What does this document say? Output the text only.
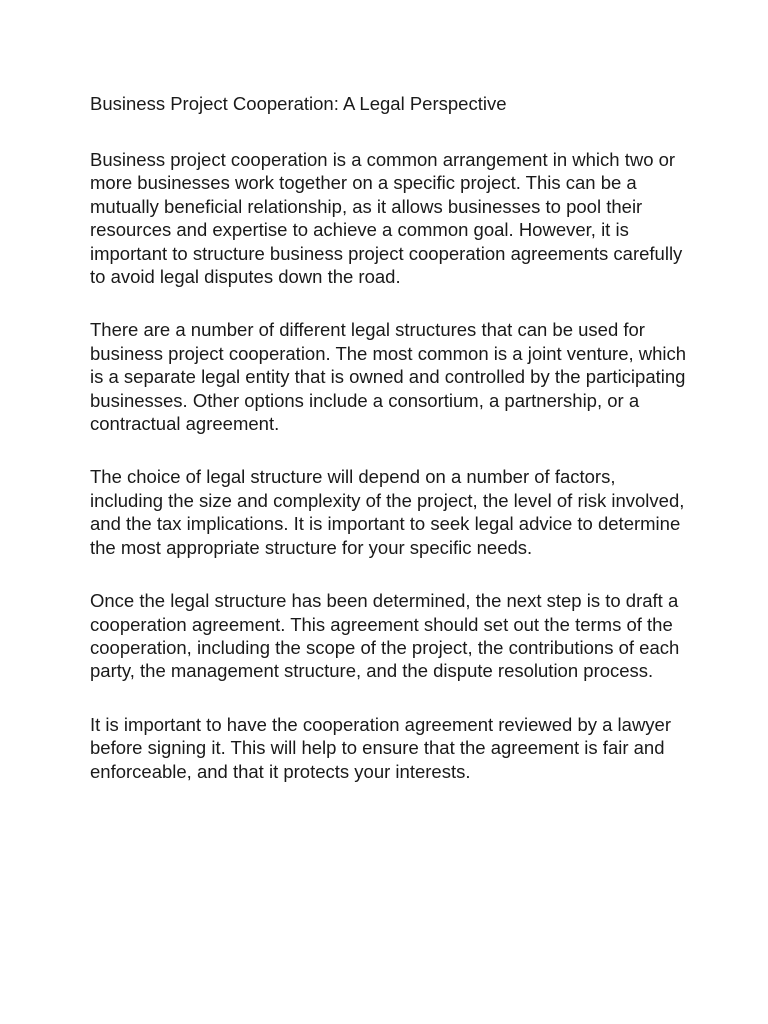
Business Project Cooperation: A Legal Perspective

Business project cooperation is a common arrangement in which two or more businesses work together on a specific project. This can be a mutually beneficial relationship, as it allows businesses to pool their resources and expertise to achieve a common goal. However, it is important to structure business project cooperation agreements carefully to avoid legal disputes down the road.

There are a number of different legal structures that can be used for business project cooperation. The most common is a joint venture, which is a separate legal entity that is owned and controlled by the participating businesses. Other options include a consortium, a partnership, or a contractual agreement.

The choice of legal structure will depend on a number of factors, including the size and complexity of the project, the level of risk involved, and the tax implications. It is important to seek legal advice to determine the most appropriate structure for your specific needs.

Once the legal structure has been determined, the next step is to draft a cooperation agreement. This agreement should set out the terms of the cooperation, including the scope of the project, the contributions of each party, the management structure, and the dispute resolution process.

It is important to have the cooperation agreement reviewed by a lawyer before signing it. This will help to ensure that the agreement is fair and enforceable, and that it protects your interests.
